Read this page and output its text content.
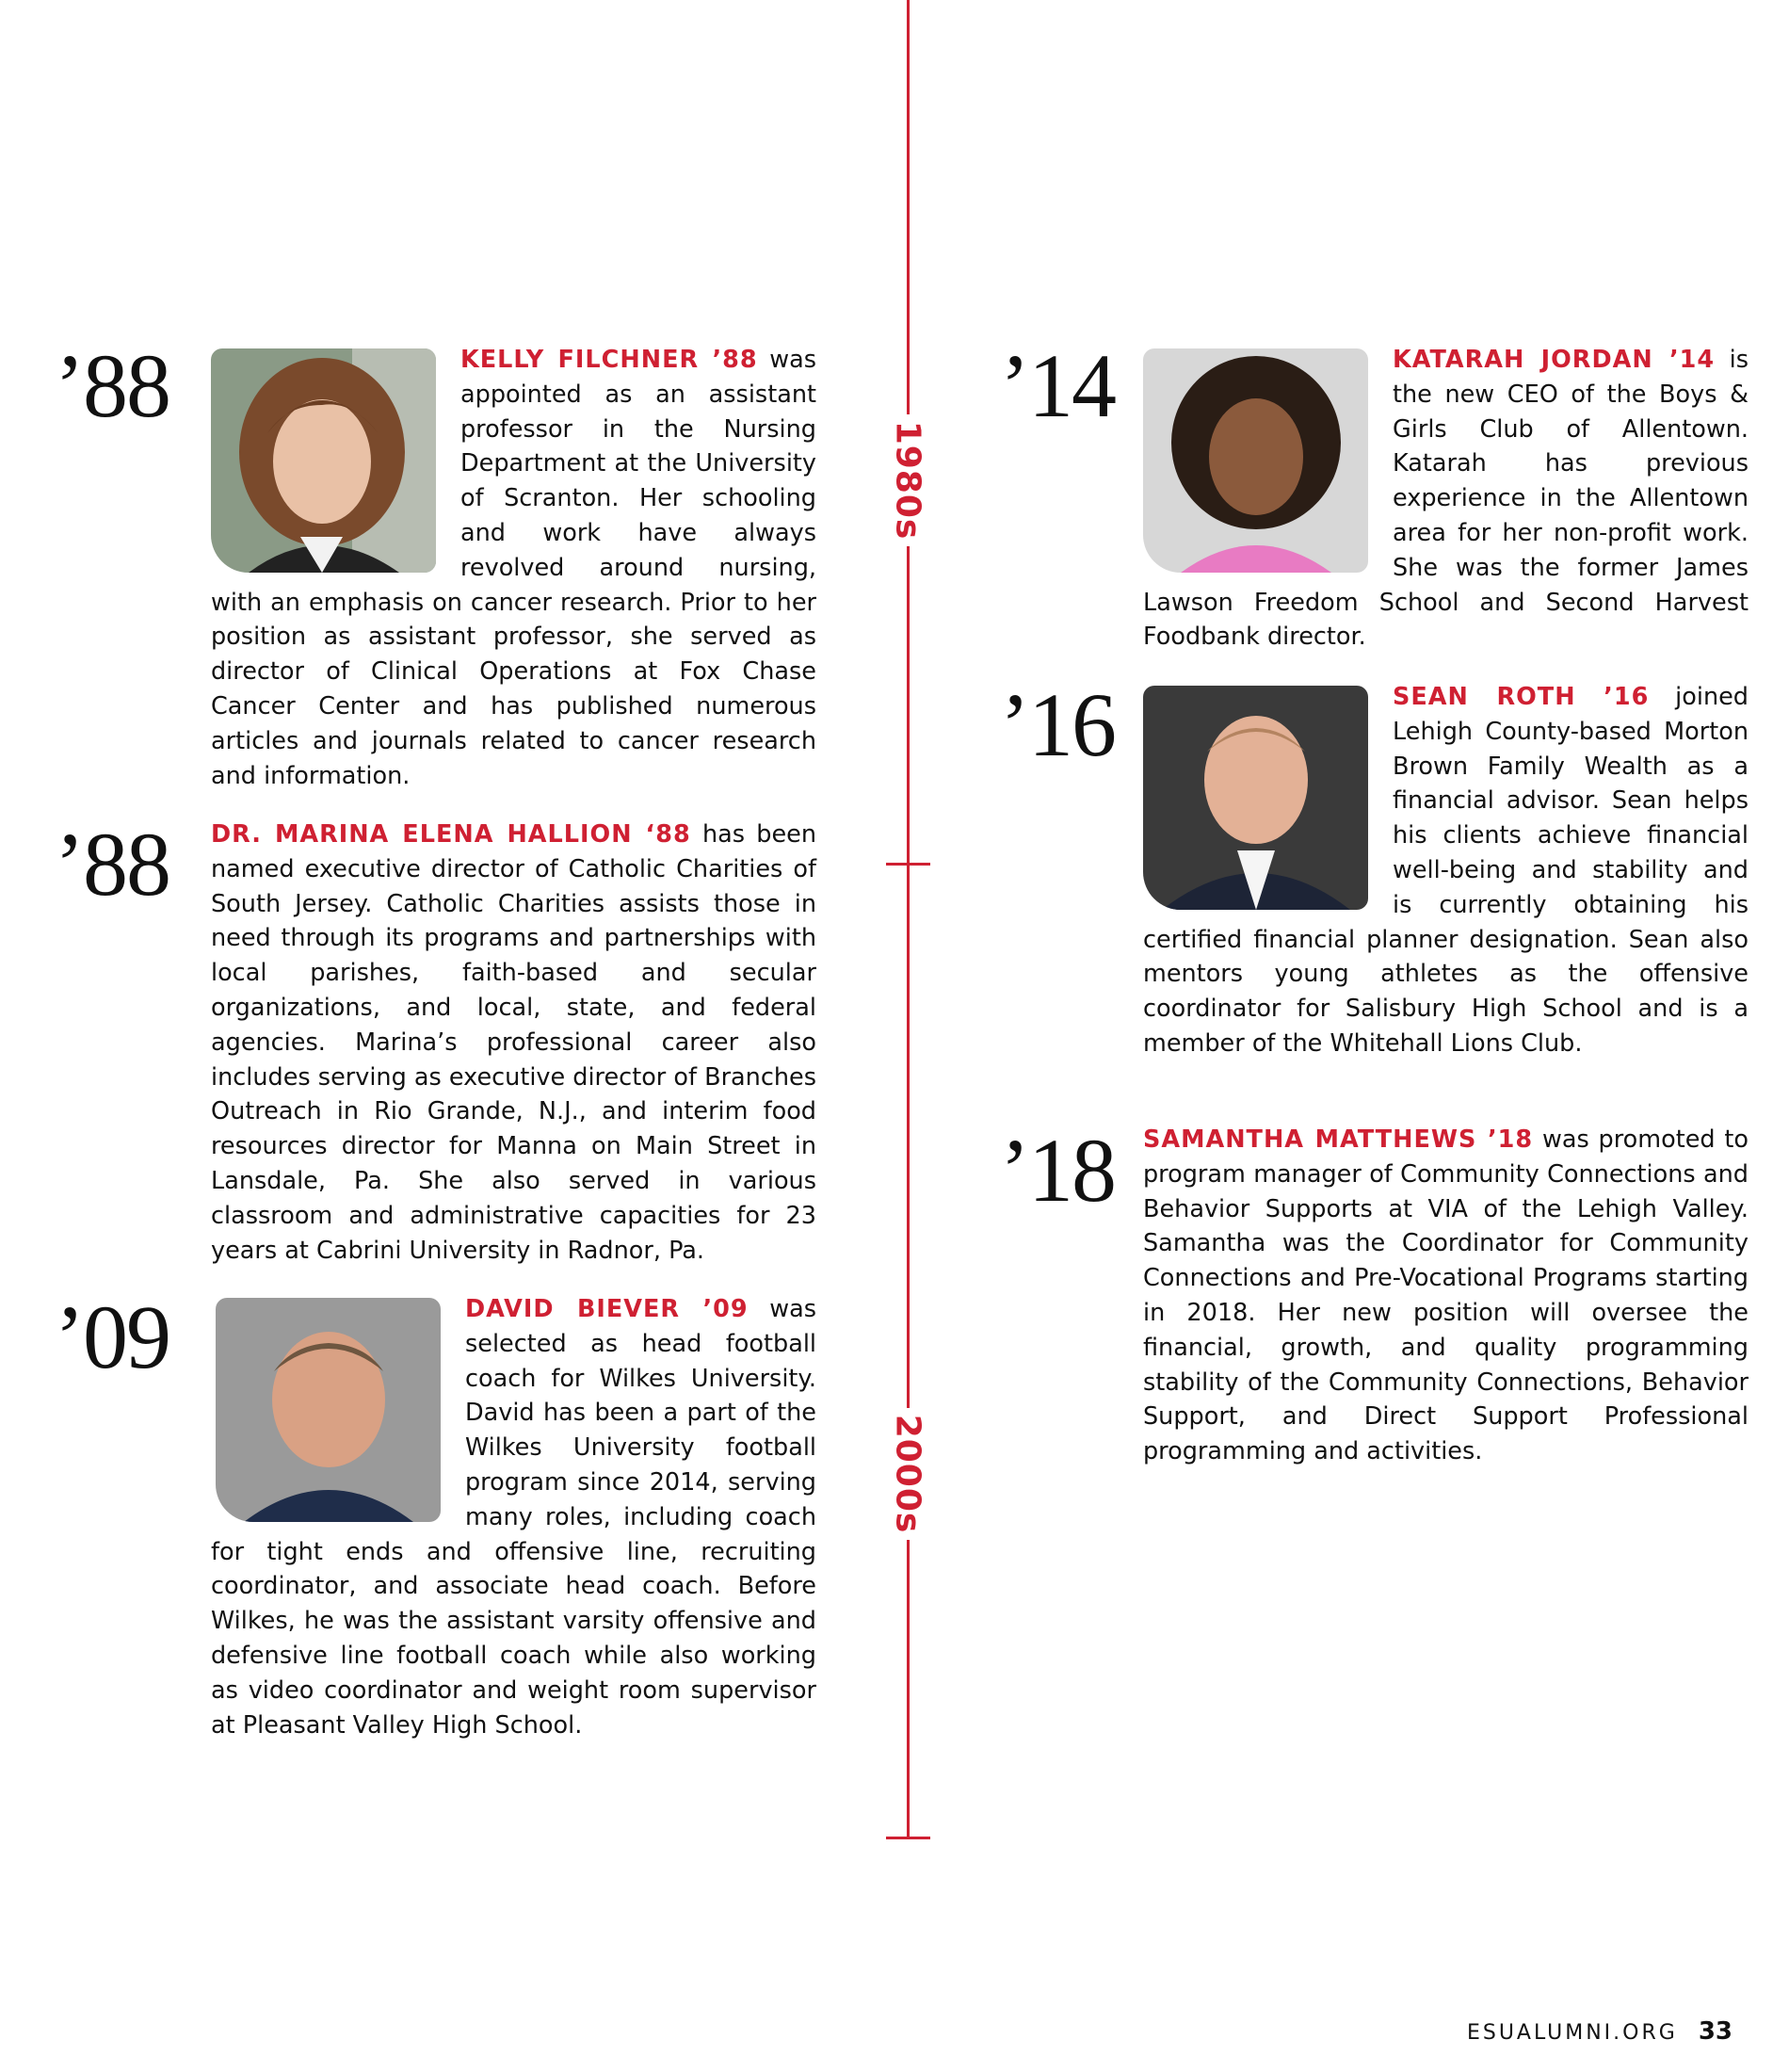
1980s
2000s
’88	KELLY FILCHNER ’88 was appointed as an assistant professor in the Nursing Department at the University of Scranton. Her schooling and work have always revolved around nursing, with an emphasis on cancer research. Prior to her position as assistant professor, she served as director of Clinical Operations at Fox Chase Cancer Center and has published numerous articles and journals related to cancer research and information.

’88 DR. MARINA ELENA HALLION ‘88 has been named executive director of Catholic Charities of South Jersey. Catholic Charities assists those in need through its programs and partnerships with local parishes, faith-based and secular organizations, and local, state, and federal agencies. Marina’s professional career also includes serving as executive director of Branches Outreach in Rio Grande, N.J., and interim food resources director for Manna on Main Street in Lansdale, Pa. She also served in various classroom and administrative capacities for 23 years at Cabrini University in Radnor, Pa.

’09	DAVID BIEVER ’09 was selected as head football coach for Wilkes University. David has been a part of the Wilkes University football program since 2014, serving many roles, including coach for tight ends and offensive line, recruiting coordinator, and associate head coach. Before Wilkes, he was the assistant varsity offensive and defensive line football coach while also working as video coordinator and weight room supervisor at Pleasant Valley High School.

’14	KATARAH JORDAN ’14 is the new CEO of the Boys & Girls Club of Allentown. Katarah has previous experience in the Allentown area for her non-profit work. She was the former James Lawson Freedom School and Second Harvest Foodbank director.

’16	SEAN ROTH ’16 joined Lehigh County-based Morton Brown Family Wealth as a financial advisor. Sean helps his clients achieve financial well-being and stability and is currently obtaining his certified financial planner designation. Sean also mentors young athletes as the offensive coordinator for Salisbury High School and is a member of the Whitehall Lions Club.

’18 SAMANTHA MATTHEWS ’18 was promoted to program manager of Community Connections and Behavior Supports at VIA of the Lehigh Valley. Samantha was the Coordinator for Community Connections and Pre-Vocational Programs starting in 2018. Her new position will oversee the financial, growth, and quality programming stability of the Community Connections, Behavior Support, and Direct Support Professional programming and activities.

ESUALUMNI.ORG 33
